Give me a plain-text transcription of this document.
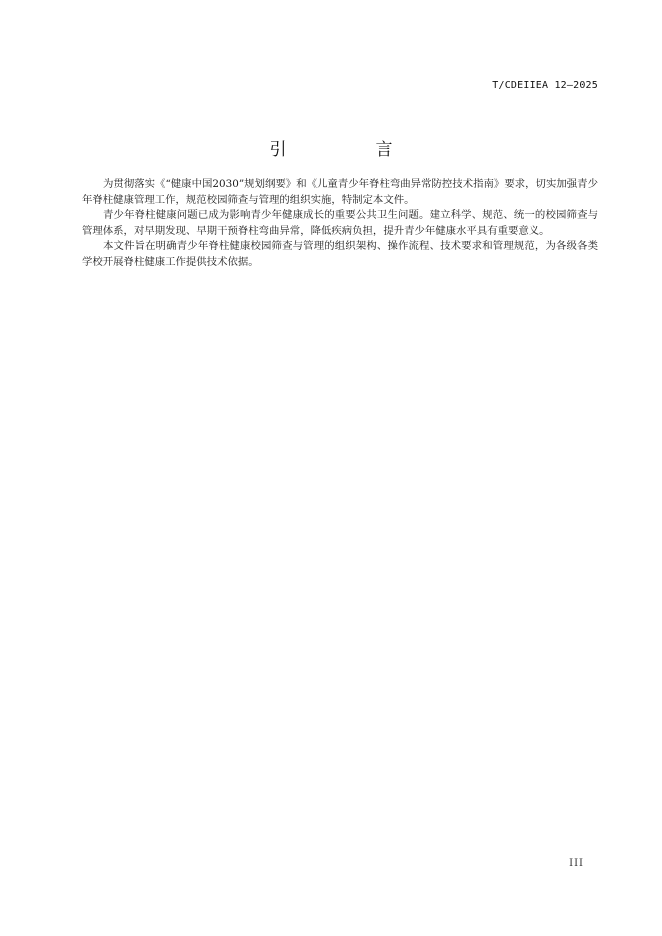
T/CDEIIEA 12—2025
引　言

为贯彻落实《“健康中国2030”规划纲要》和《儿童青少年脊柱弯曲异常防控技术指南》要求，切实加强青少年脊柱健康管理工作，规范校园筛查与管理的组织实施，特制定本文件。

青少年脊柱健康问题已成为影响青少年健康成长的重要公共卫生问题。建立科学、规范、统一的校园筛查与管理体系，对早期发现、早期干预脊柱弯曲异常，降低疾病负担，提升青少年健康水平具有重要意义。

本文件旨在明确青少年脊柱健康校园筛查与管理的组织架构、操作流程、技术要求和管理规范，为各级各类学校开展脊柱健康工作提供技术依据。

III
